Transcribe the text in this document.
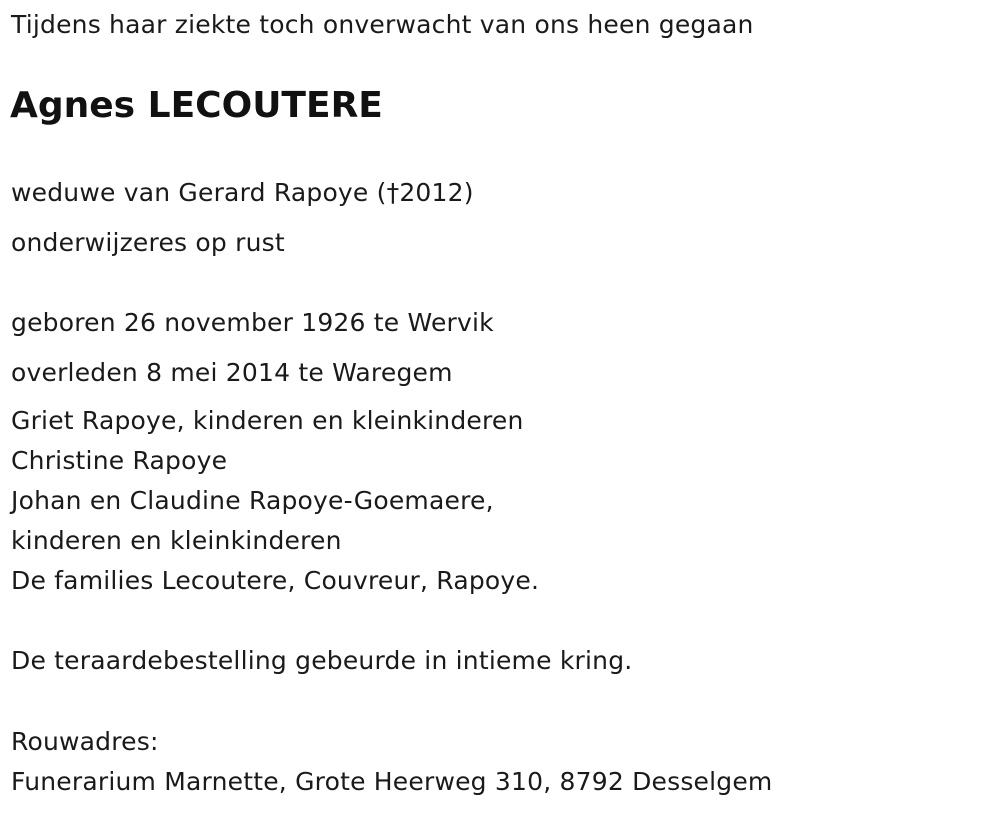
Tijdens haar ziekte toch onverwacht van ons heen gegaan

Agnes LECOUTERE

weduwe van Gerard Rapoye (†2012)

onderwijzeres op rust

geboren 26 november 1926 te Wervik

overleden 8 mei 2014 te Waregem

Griet Rapoye, kinderen en kleinkinderen

Christine Rapoye

Johan en Claudine Rapoye-Goemaere,

kinderen en kleinkinderen

De families Lecoutere, Couvreur, Rapoye.

De teraardebestelling gebeurde in intieme kring.

Rouwadres:

Funerarium Marnette, Grote Heerweg 310, 8792 Desselgem
